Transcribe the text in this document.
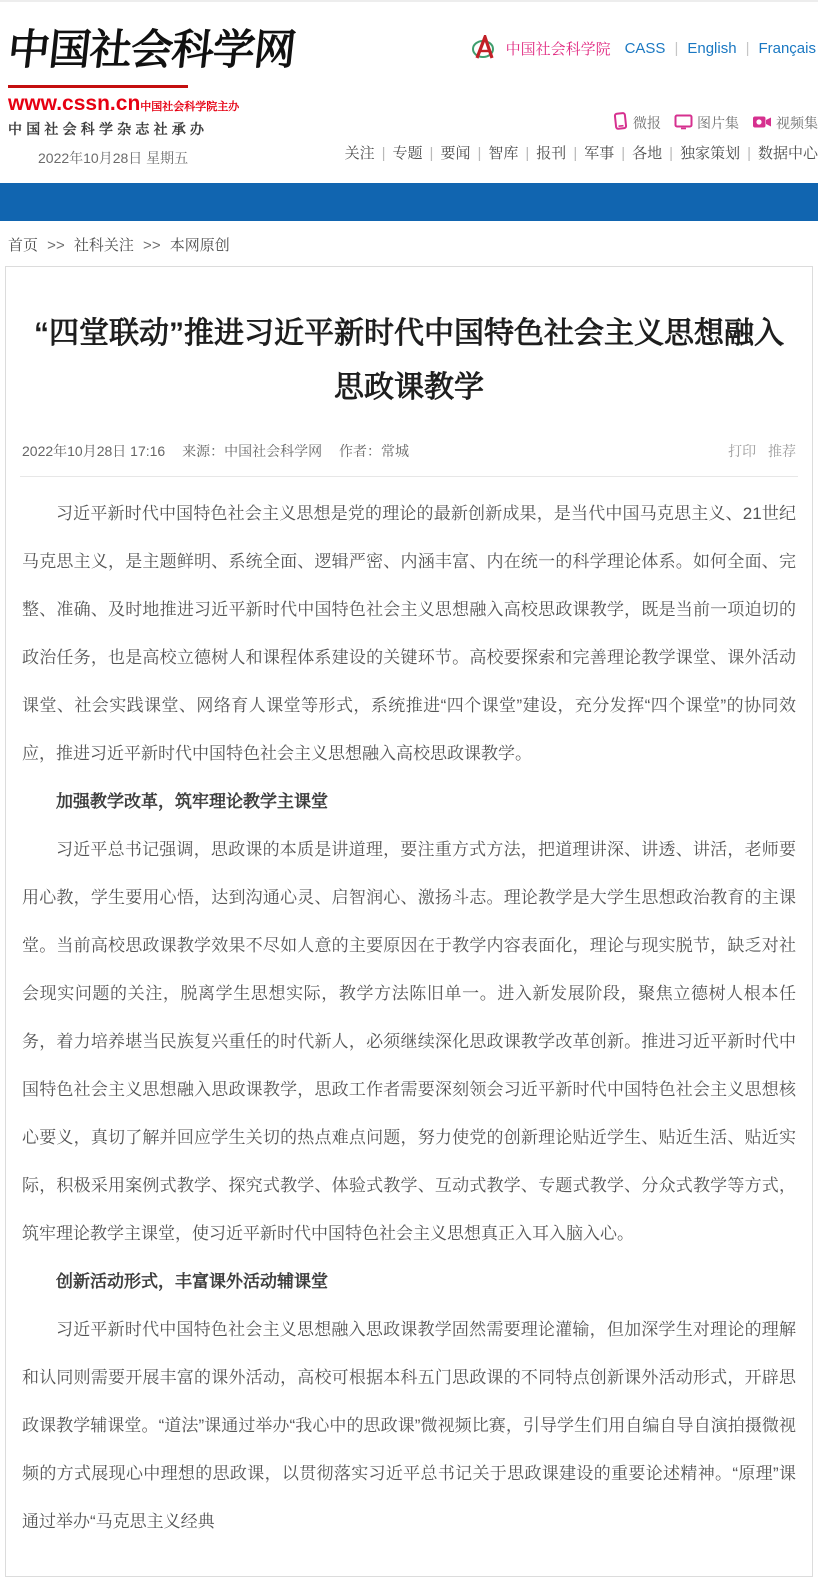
中国社会科学网
www.cssn.cn中国社会科学院主办
中国社会科学杂志社承办
2022年10月28日 星期五
中国社会科学院 CASS | English | Français
微报	图片集	视频集
关注 | 专题 | 要闻 | 智库 | 报刊 | 军事 | 各地 | 独家策划 | 数据中心
首页 >> 社科关注 >> 本网原创
“四堂联动”推进习近平新时代中国特色社会主义思想融入思政课教学
2022年10月28日 17:16 来源：中国社会科学网 作者：常城	打印 推荐

习近平新时代中国特色社会主义思想是党的理论的最新创新成果，是当代中国马克思主义、21世纪马克思主义，是主题鲜明、系统全面、逻辑严密、内涵丰富、内在统一的科学理论体系。如何全面、完整、准确、及时地推进习近平新时代中国特色社会主义思想融入高校思政课教学，既是当前一项迫切的政治任务，也是高校立德树人和课程体系建设的关键环节。高校要探索和完善理论教学课堂、课外活动课堂、社会实践课堂、网络育人课堂等形式，系统推进“四个课堂”建设，充分发挥“四个课堂”的协同效应，推进习近平新时代中国特色社会主义思想融入高校思政课教学。

加强教学改革，筑牢理论教学主课堂

习近平总书记强调，思政课的本质是讲道理，要注重方式方法，把道理讲深、讲透、讲活，老师要用心教，学生要用心悟，达到沟通心灵、启智润心、激扬斗志。理论教学是大学生思想政治教育的主课堂。当前高校思政课教学效果不尽如人意的主要原因在于教学内容表面化，理论与现实脱节，缺乏对社会现实问题的关注，脱离学生思想实际，教学方法陈旧单一。进入新发展阶段，聚焦立德树人根本任务，着力培养堪当民族复兴重任的时代新人，必须继续深化思政课教学改革创新。推进习近平新时代中国特色社会主义思想融入思政课教学，思政工作者需要深刻领会习近平新时代中国特色社会主义思想核心要义，真切了解并回应学生关切的热点难点问题，努力使党的创新理论贴近学生、贴近生活、贴近实际，积极采用案例式教学、探究式教学、体验式教学、互动式教学、专题式教学、分众式教学等方式，筑牢理论教学主课堂，使习近平新时代中国特色社会主义思想真正入耳入脑入心。

创新活动形式，丰富课外活动辅课堂

习近平新时代中国特色社会主义思想融入思政课教学固然需要理论灌输，但加深学生对理论的理解和认同则需要开展丰富的课外活动，高校可根据本科五门思政课的不同特点创新课外活动形式，开辟思政课教学辅课堂。“道法”课通过举办“我心中的思政课”微视频比赛，引导学生们用自编自导自演拍摄微视频的方式展现心中理想的思政课，以贯彻落实习近平总书记关于思政课建设的重要论述精神。“原理”课通过举办“马克思主义经典
